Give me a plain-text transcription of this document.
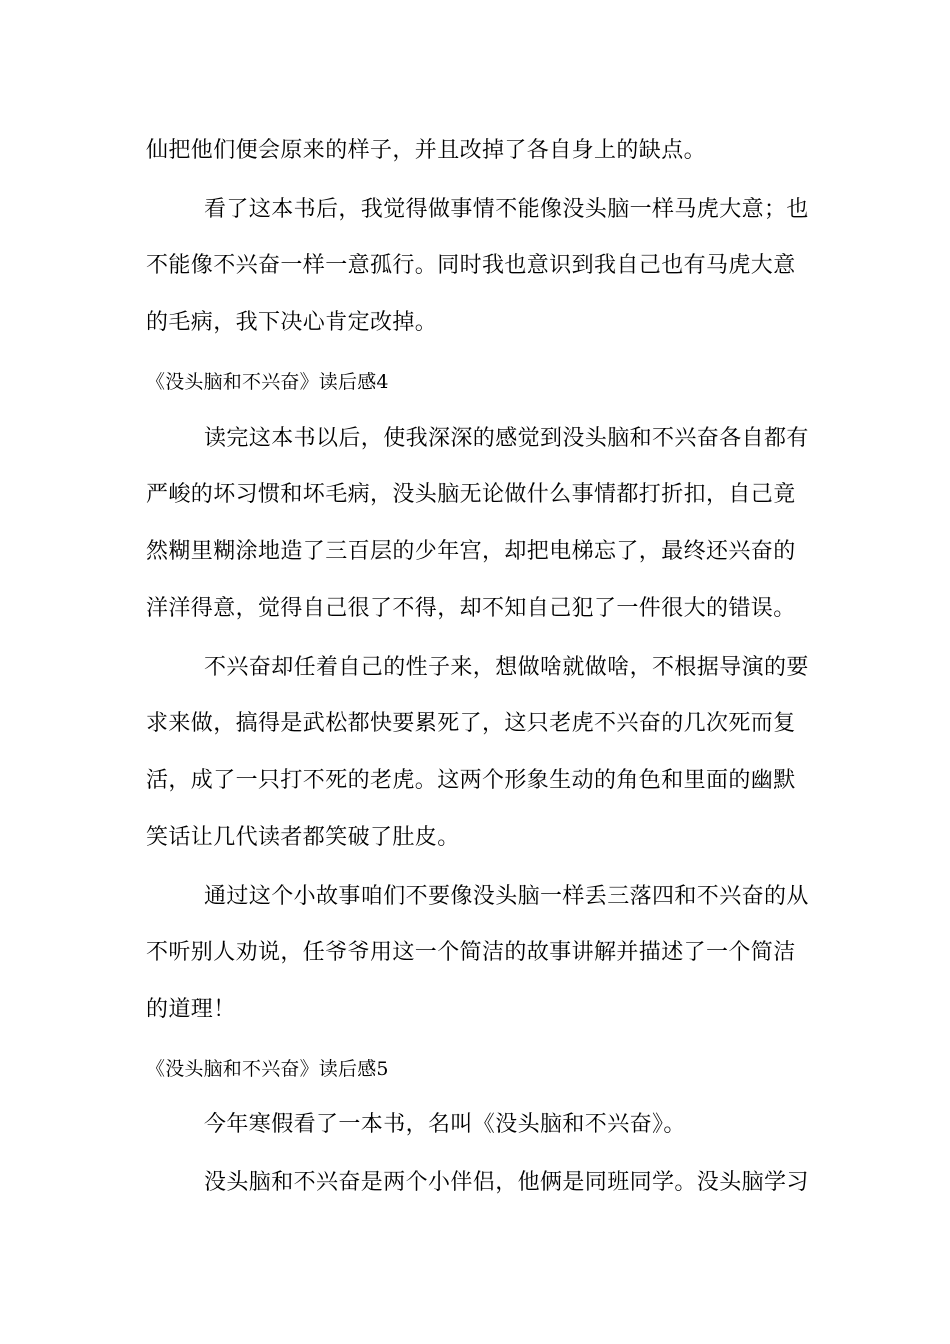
仙把他们便会原来的样子，并且改掉了各自身上的缺点。
看了这本书后，我觉得做事情不能像没头脑一样马虎大意；也
不能像不兴奋一样一意孤行。同时我也意识到我自己也有马虎大意
的毛病，我下决心肯定改掉。
《没头脑和不兴奋》读后感4
读完这本书以后，使我深深的感觉到没头脑和不兴奋各自都有
严峻的坏习惯和坏毛病，没头脑无论做什么事情都打折扣，自己竟
然糊里糊涂地造了三百层的少年宫，却把电梯忘了，最终还兴奋的
洋洋得意，觉得自己很了不得，却不知自己犯了一件很大的错误。
不兴奋却任着自己的性子来，想做啥就做啥，不根据导演的要
求来做，搞得是武松都快要累死了，这只老虎不兴奋的几次死而复
活，成了一只打不死的老虎。这两个形象生动的角色和里面的幽默
笑话让几代读者都笑破了肚皮。
通过这个小故事咱们不要像没头脑一样丢三落四和不兴奋的从
不听别人劝说，任爷爷用这一个简洁的故事讲解并描述了一个简洁
的道理！
《没头脑和不兴奋》读后感5
今年寒假看了一本书，名叫《没头脑和不兴奋》。
没头脑和不兴奋是两个小伴侣，他俩是同班同学。没头脑学习
